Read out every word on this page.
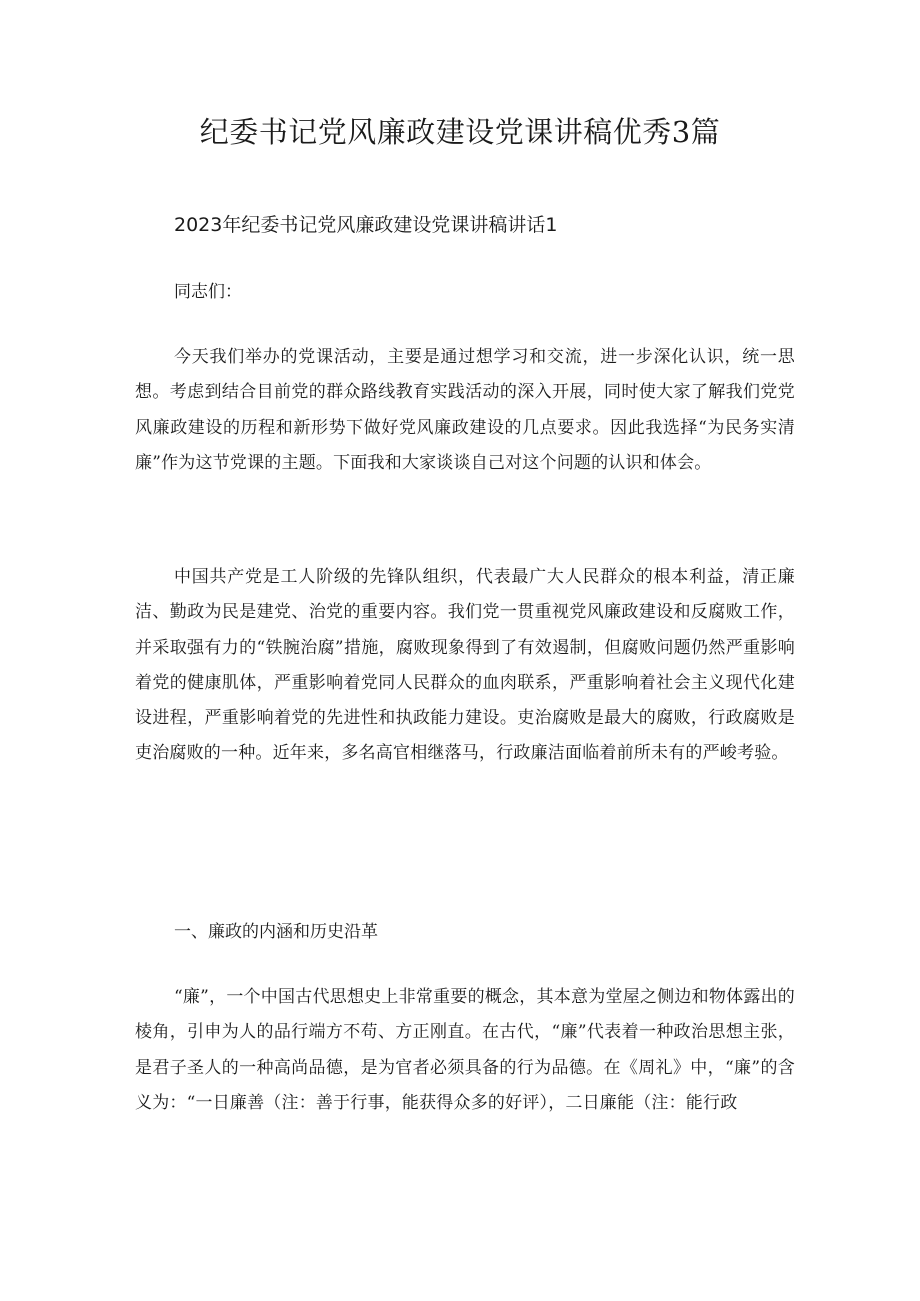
纪委书记党风廉政建设党课讲稿优秀3篇
2023年纪委书记党风廉政建设党课讲稿讲话1

同志们：

今天我们举办的党课活动，主要是通过想学习和交流，进一步深化认识，统一思想。考虑到结合目前党的群众路线教育实践活动的深入开展，同时使大家了解我们党党风廉政建设的历程和新形势下做好党风廉政建设的几点要求。因此我选择“为民务实清廉”作为这节党课的主题。下面我和大家谈谈自己对这个问题的认识和体会。

中国共产党是工人阶级的先锋队组织，代表最广大人民群众的根本利益，清正廉洁、勤政为民是建党、治党的重要内容。我们党一贯重视党风廉政建设和反腐败工作，并采取强有力的“铁腕治腐”措施，腐败现象得到了有效遏制，但腐败问题仍然严重影响着党的健康肌体，严重影响着党同人民群众的血肉联系，严重影响着社会主义现代化建设进程，严重影响着党的先进性和执政能力建设。吏治腐败是最大的腐败，行政腐败是吏治腐败的一种。近年来，多名高官相继落马，行政廉洁面临着前所未有的严峻考验。

一、廉政的内涵和历史沿革

“廉”，一个中国古代思想史上非常重要的概念，其本意为堂屋之侧边和物体露出的棱角，引申为人的品行端方不苟、方正刚直。在古代，“廉”代表着一种政治思想主张，是君子圣人的一种高尚品德，是为官者必须具备的行为品德。在《周礼》中，“廉”的含义为：“一日廉善（注：善于行事，能获得众多的好评），二日廉能（注：能行政
